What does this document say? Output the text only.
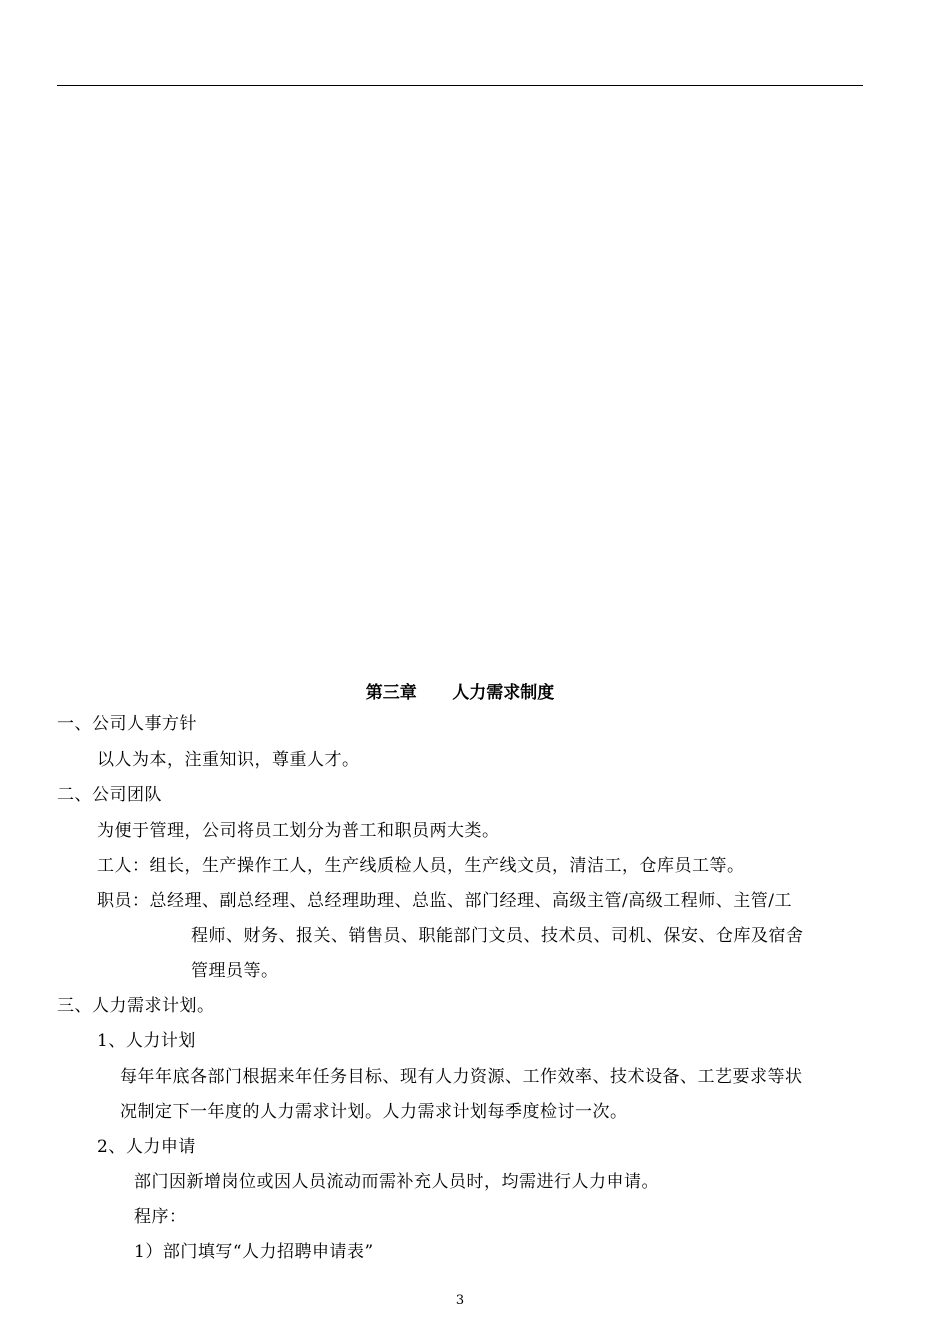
第三章      人力需求制度
一、公司人事方针
以人为本，注重知识，尊重人才。
二、公司团队
为便于管理，公司将员工划分为普工和职员两大类。
工人：组长，生产操作工人，生产线质检人员，生产线文员，清洁工，仓库员工等。
职员：总经理、副总经理、总经理助理、总监、部门经理、高级主管/高级工程师、主管/工
程师、财务、报关、销售员、职能部门文员、技术员、司机、保安、仓库及宿舍
管理员等。
三、人力需求计划。
1、人力计划
每年年底各部门根据来年任务目标、现有人力资源、工作效率、技术设备、工艺要求等状
况制定下一年度的人力需求计划。人力需求计划每季度检讨一次。
2、人力申请
部门因新增岗位或因人员流动而需补充人员时，均需进行人力申请。
程序：
1）部门填写“人力招聘申请表”
3
